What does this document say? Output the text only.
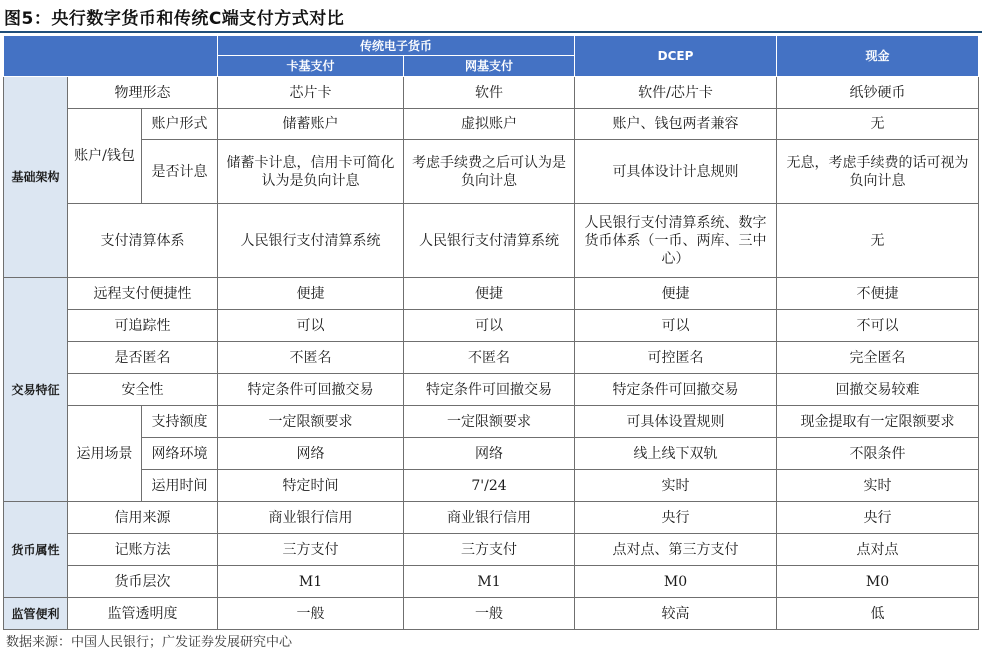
图5：央行数字货币和传统C端支付方式对比
			传统电子货币		DCEP	现金
			卡基支付	网基支付		
基础架构	物理形态		芯片卡	软件	软件/芯片卡	纸钞硬币
	账户/钱包	账户形式	储蓄账户	虚拟账户	账户、钱包两者兼容	无
		是否计息	储蓄卡计息，信用卡可简化认为是负向计息	考虑手续费之后可认为是负向计息	可具体设计计息规则	无息，考虑手续费的话可视为负向计息
	支付清算体系		人民银行支付清算系统	人民银行支付清算系统	人民银行支付清算系统、数字货币体系（一币、两库、三中心）	无
交易特征	远程支付便捷性		便捷	便捷	便捷	不便捷
	可追踪性		可以	可以	可以	不可以
	是否匿名		不匿名	不匿名	可控匿名	完全匿名
	安全性		特定条件可回撤交易	特定条件可回撤交易	特定条件可回撤交易	回撤交易较难
	运用场景	支持额度	一定限额要求	一定限额要求	可具体设置规则	现金提取有一定限额要求
		网络环境	网络	网络	线上线下双轨	不限条件
		运用时间	特定时间	7'/24	实时	实时
货币属性	信用来源		商业银行信用	商业银行信用	央行	央行
	记账方法		三方支付	三方支付	点对点、第三方支付	点对点
	货币层次		M1	M1	M0	M0
监管便利	监管透明度		一般	一般	较高	低
数据来源：中国人民银行；广发证券发展研究中心
